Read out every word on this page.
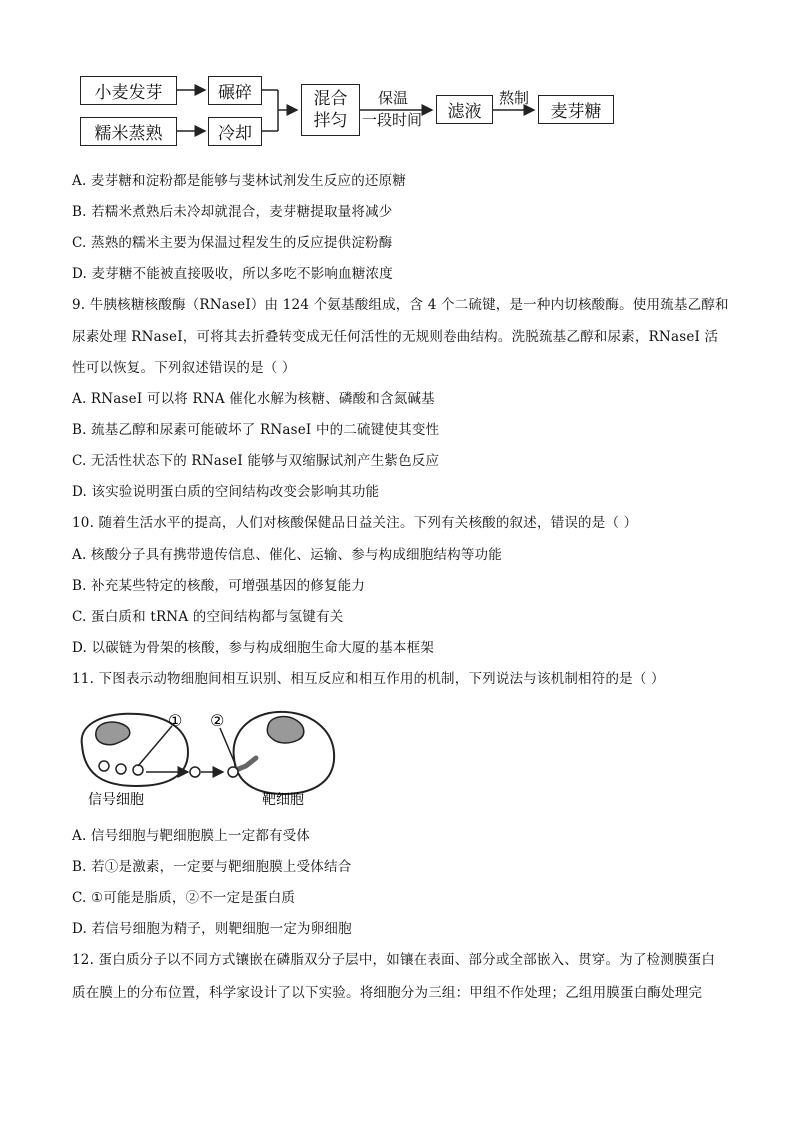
小麦发芽
糯米蒸熟
碾碎
冷却
混合
拌匀
保温
一段时间	滤液
熬制
麦芽糖
A. 麦芽糖和淀粉都是能够与斐林试剂发生反应的还原糖
B. 若糯米煮熟后未冷却就混合，麦芽糖提取量将减少
C. 蒸熟的糯米主要为保温过程发生的反应提供淀粉酶
D. 麦芽糖不能被直接吸收，所以多吃不影响血糖浓度
9. 牛胰核糖核酸酶（RNaseI）由 124 个氨基酸组成，含 4 个二硫键，是一种内切核酸酶。使用巯基乙醇和
尿素处理 RNaseI，可将其去折叠转变成无任何活性的无规则卷曲结构。洗脱巯基乙醇和尿素，RNaseI 活
性可以恢复。下列叙述错误的是（ ）
A. RNaseI 可以将 RNA 催化水解为核糖、磷酸和含氮碱基
B. 巯基乙醇和尿素可能破坏了 RNaseI 中的二硫键使其变性
C. 无活性状态下的 RNaseI 能够与双缩脲试剂产生紫色反应
D. 该实验说明蛋白质的空间结构改变会影响其功能
10. 随着生活水平的提高，人们对核酸保健品日益关注。下列有关核酸的叙述，错误的是（ ）
A. 核酸分子具有携带遗传信息、催化、运输、参与构成细胞结构等功能
B. 补充某些特定的核酸，可增强基因的修复能力
C. 蛋白质和 tRNA 的空间结构都与氢键有关
D. 以碳链为骨架的核酸，参与构成细胞生命大厦的基本框架
11. 下图表示动物细胞间相互识别、相互反应和相互作用的机制，下列说法与该机制相符的是（ ）
① ②
信号细胞	靶细胞
A. 信号细胞与靶细胞膜上一定都有受体
B. 若①是激素，一定要与靶细胞膜上受体结合
C. ①可能是脂质，②不一定是蛋白质
D. 若信号细胞为精子，则靶细胞一定为卵细胞
12. 蛋白质分子以不同方式镶嵌在磷脂双分子层中，如镶在表面、部分或全部嵌入、贯穿。为了检测膜蛋白
质在膜上的分布位置，科学家设计了以下实验。将细胞分为三组：甲组不作处理；乙组用膜蛋白酶处理完
